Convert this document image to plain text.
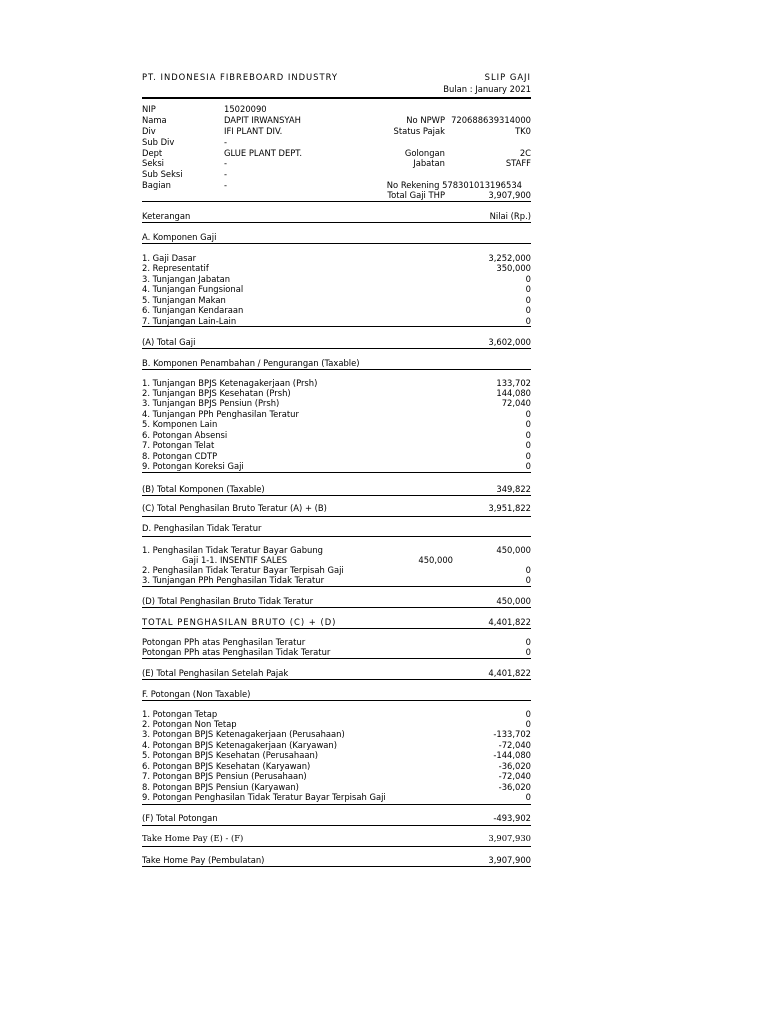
PT. INDONESIA FIBREBOARD INDUSTRY	SLIP GAJI
Bulan : January 2021
NIP	15020090
Nama	DAPIT IRWANSYAH
Div	IFI PLANT DIV.
Sub Div	-
Dept	GLUE PLANT DEPT.
Seksi	-
Sub Seksi	-
Bagian	-
No NPWP 720688639314000
Status Pajak	TK0
Golongan	2C
Jabatan	STAFF
No Rekening 578301013196534
Total Gaji THP	3,907,900
Keterangan	Nilai (Rp.)
A. Komponen Gaji
1. Gaji Dasar	3,252,000
2. Representatif	350,000
3. Tunjangan Jabatan	0
4. Tunjangan Fungsional	0
5. Tunjangan Makan	0
6. Tunjangan Kendaraan	0
7. Tunjangan Lain-Lain	0
(A) Total Gaji	3,602,000
B. Komponen Penambahan / Pengurangan (Taxable)
1. Tunjangan BPJS Ketenagakerjaan (Prsh)	133,702
2. Tunjangan BPJS Kesehatan (Prsh)	144,080
3. Tunjangan BPJS Pensiun (Prsh)	72,040
4. Tunjangan PPh Penghasilan Teratur	0
5. Komponen Lain	0
6. Potongan Absensi	0
7. Potongan Telat	0
8. Potongan CDTP	0
9. Potongan Koreksi Gaji	0
(B) Total Komponen (Taxable)	349,822
(C) Total Penghasilan Bruto Teratur (A) + (B)	3,951,822
D. Penghasilan Tidak Teratur
1. Penghasilan Tidak Teratur Bayar Gabung	450,000
Gaji 1-1. INSENTIF SALES	450,000
2. Penghasilan Tidak Teratur Bayar Terpisah Gaji	0
3. Tunjangan PPh Penghasilan Tidak Teratur	0
(D) Total Penghasilan Bruto Tidak Teratur	450,000
TOTAL PENGHASILAN BRUTO (C) + (D)	4,401,822
Potongan PPh atas Penghasilan Teratur	0
Potongan PPh atas Penghasilan Tidak Teratur	0
(E) Total Penghasilan Setelah Pajak	4,401,822
F. Potongan (Non Taxable)
1. Potongan Tetap	0
2. Potongan Non Tetap	0
3. Potongan BPJS Ketenagakerjaan (Perusahaan)	-133,702
4. Potongan BPJS Ketenagakerjaan (Karyawan)	-72,040
5. Potongan BPJS Kesehatan (Perusahaan)	-144,080
6. Potongan BPJS Kesehatan (Karyawan)	-36,020
7. Potongan BPJS Pensiun (Perusahaan)	-72,040
8. Potongan BPJS Pensiun (Karyawan)	-36,020
9. Potongan Penghasilan Tidak Teratur Bayar Terpisah Gaji	0
(F) Total Potongan	-493,902
Take Home Pay (E) - (F)	3,907,930
Take Home Pay (Pembulatan)	3,907,900
